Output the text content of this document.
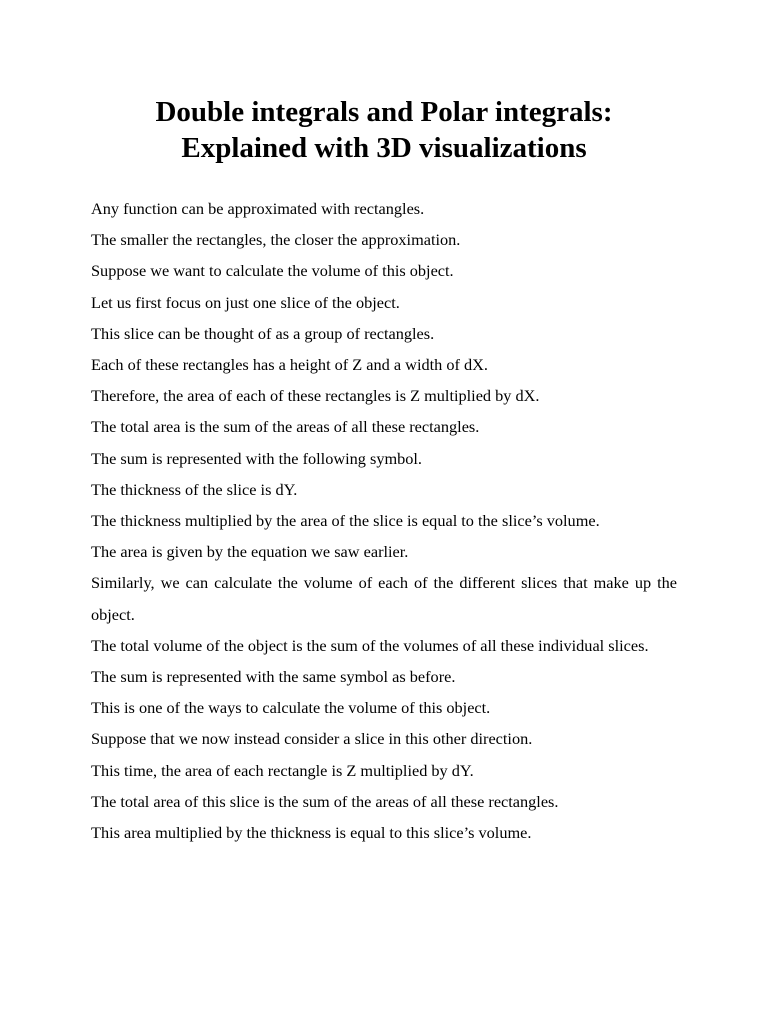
Double integrals and Polar integrals:
Explained with 3D visualizations

Any function can be approximated with rectangles.

The smaller the rectangles, the closer the approximation.

Suppose we want to calculate the volume of this object.

Let us first focus on just one slice of the object.

This slice can be thought of as a group of rectangles.

Each of these rectangles has a height of Z and a width of dX.

Therefore, the area of each of these rectangles is Z multiplied by dX.

The total area is the sum of the areas of all these rectangles.

The sum is represented with the following symbol.

The thickness of the slice is dY.

The thickness multiplied by the area of the slice is equal to the slice’s volume.

The area is given by the equation we saw earlier.

Similarly, we can calculate the volume of each of the different slices that make up the object.

The total volume of the object is the sum of the volumes of all these individual slices.

The sum is represented with the same symbol as before.

This is one of the ways to calculate the volume of this object.

Suppose that we now instead consider a slice in this other direction.

This time, the area of each rectangle is Z multiplied by dY.

The total area of this slice is the sum of the areas of all these rectangles.

This area multiplied by the thickness is equal to this slice’s volume.
